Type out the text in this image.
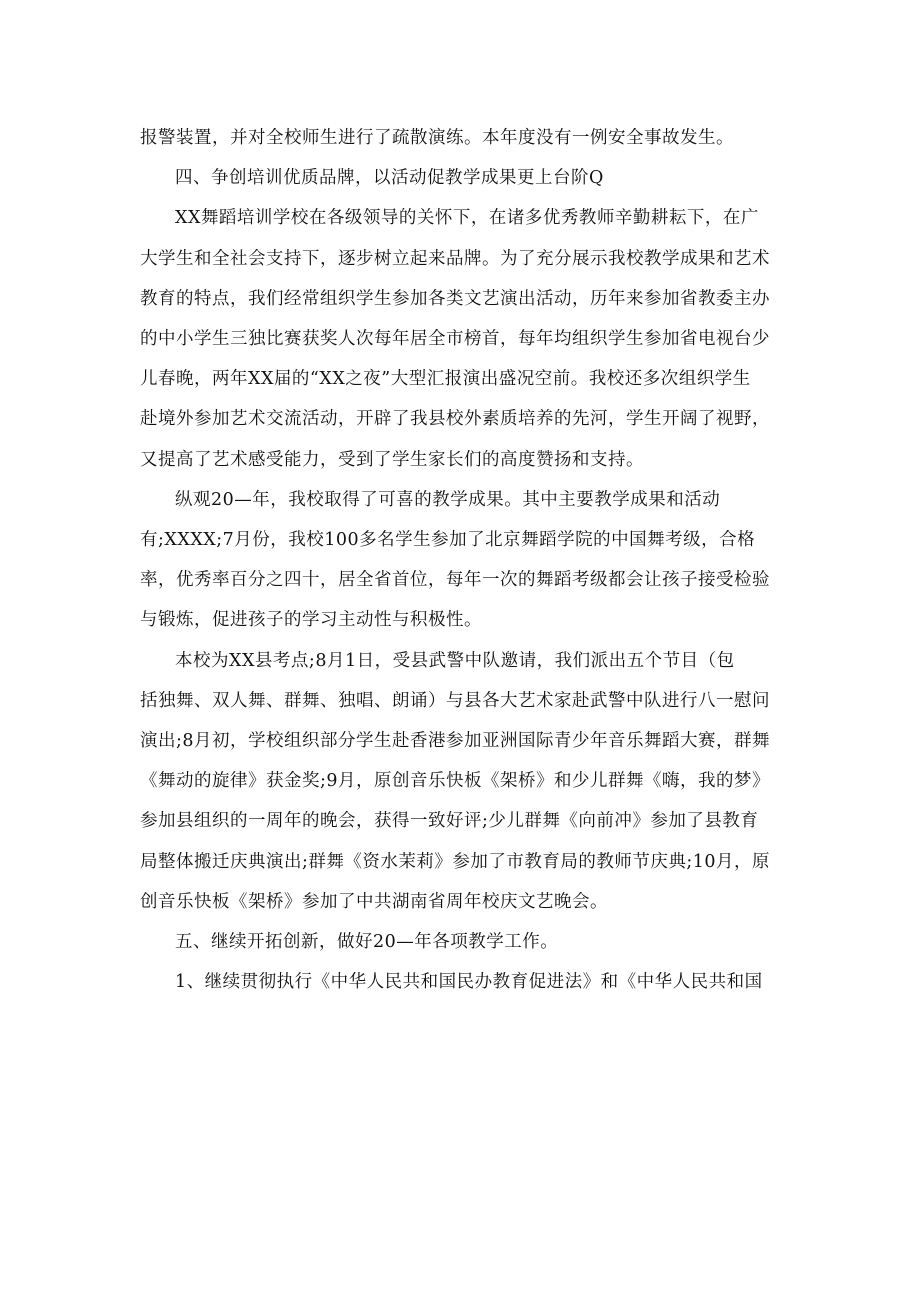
报警装置，并对全校师生进行了疏散演练。本年度没有一例安全事故发生。

四、争创培训优质品牌，以活动促教学成果更上台阶Q

XX舞蹈培训学校在各级领导的关怀下，在诸多优秀教师辛勤耕耘下，在广
大学生和全社会支持下，逐步树立起来品牌。为了充分展示我校教学成果和艺术
教育的特点，我们经常组织学生参加各类文艺演出活动，历年来参加省教委主办
的中小学生三独比赛获奖人次每年居全市榜首，每年均组织学生参加省电视台少
儿春晚，两年XX届的“XX之夜”大型汇报演出盛况空前。我校还多次组织学生
赴境外参加艺术交流活动，开辟了我县校外素质培养的先河，学生开阔了视野，
又提高了艺术感受能力，受到了学生家长们的高度赞扬和支持。

纵观20—年，我校取得了可喜的教学成果。其中主要教学成果和活动
有;XXXX;7月份，我校100多名学生参加了北京舞蹈学院的中国舞考级，合格
率，优秀率百分之四十，居全省首位，每年一次的舞蹈考级都会让孩子接受检验
与锻炼，促进孩子的学习主动性与积极性。

本校为XX县考点;8月1日，受县武警中队邀请，我们派出五个节目（包
括独舞、双人舞、群舞、独唱、朗诵）与县各大艺术家赴武警中队进行八一慰问
演出;8月初，学校组织部分学生赴香港参加亚洲国际青少年音乐舞蹈大赛，群舞
《舞动的旋律》获金奖;9月，原创音乐快板《架桥》和少儿群舞《嗨，我的梦》
参加县组织的一周年的晚会，获得一致好评;少儿群舞《向前冲》参加了县教育
局整体搬迁庆典演出;群舞《资水茉莉》参加了市教育局的教师节庆典;10月，原
创音乐快板《架桥》参加了中共湖南省周年校庆文艺晚会。

五、继续开拓创新，做好20—年各项教学工作。

1、继续贯彻执行《中华人民共和国民办教育促进法》和《中华人民共和国
